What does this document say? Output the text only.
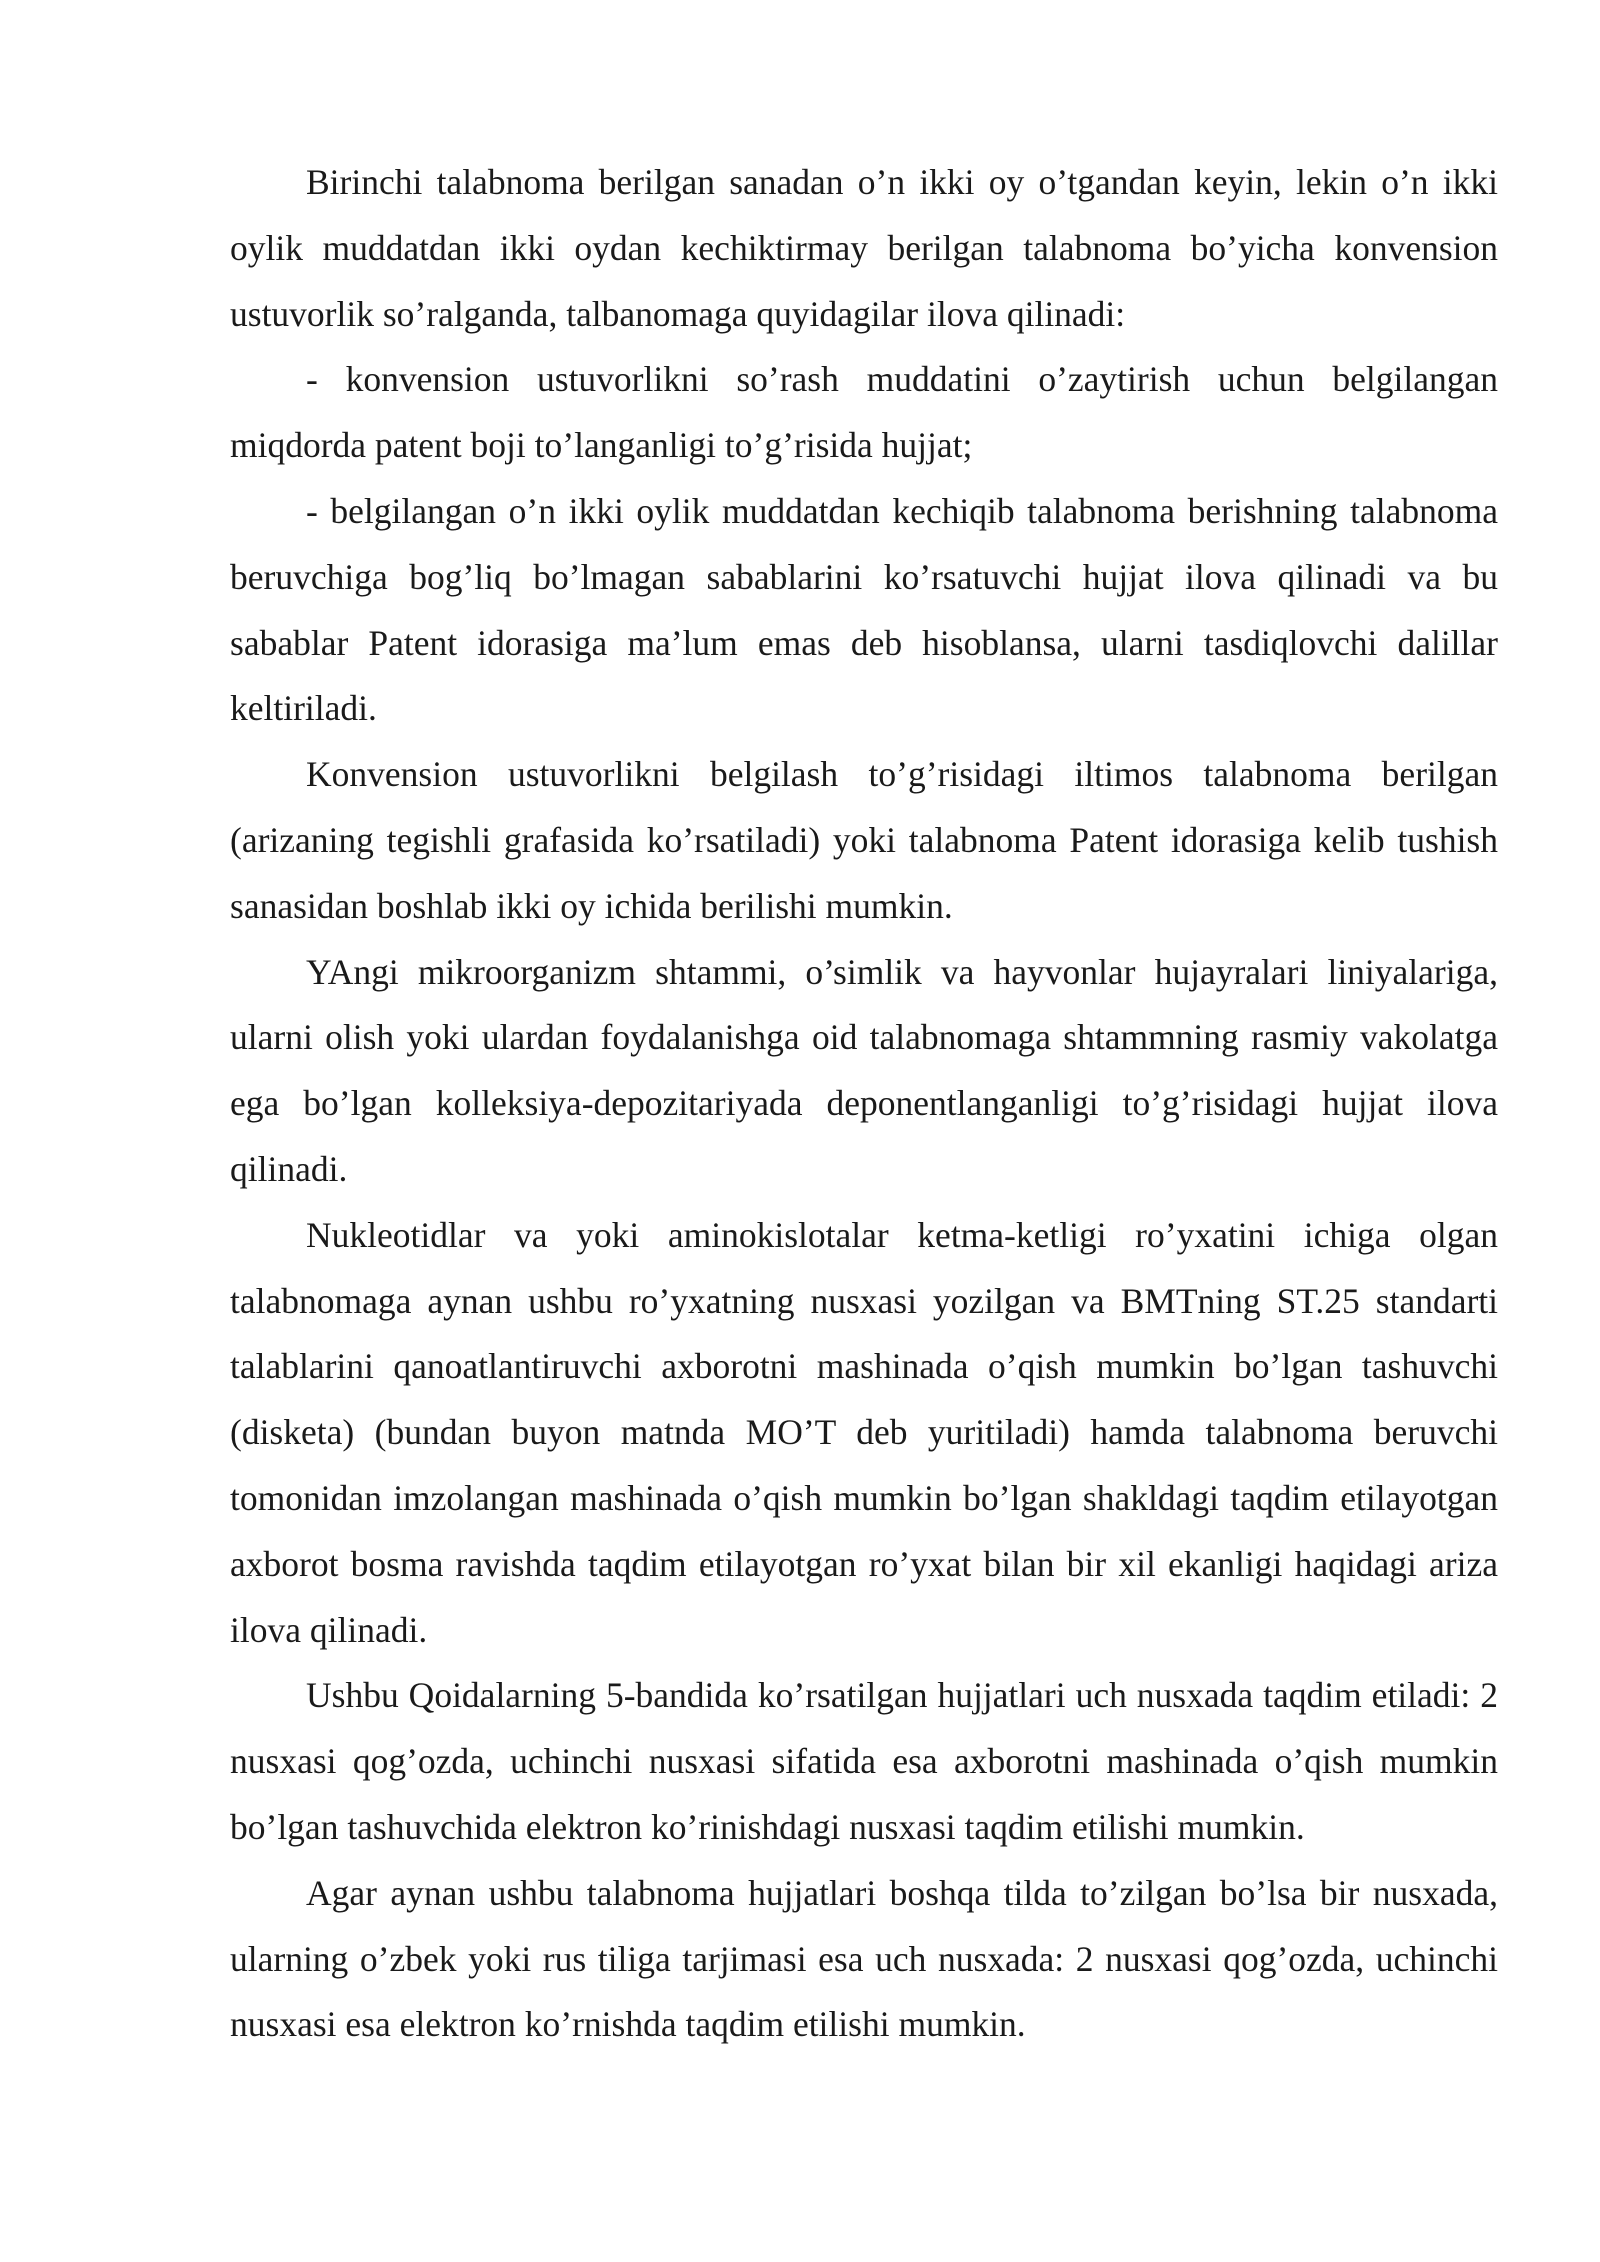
Birinchi talabnoma berilgan sanadan o’n ikki oy o’tgandan keyin, lekin o’n ikki oylik muddatdan ikki oydan kechiktirmay berilgan talabnoma bo’yicha konvension ustuvorlik so’ralganda, talbanomaga quyidagilar ilova qilinadi:

- konvension ustuvorlikni so’rash muddatini o’zaytirish uchun belgilangan miqdorda patent boji to’langanligi to’g’risida hujjat;

- belgilangan o’n ikki oylik muddatdan kechiqib talabnoma berishning talabnoma beruvchiga bog’liq bo’lmagan sabablarini ko’rsatuvchi hujjat ilova qilinadi va bu sabablar Patent idorasiga ma’lum emas deb hisoblansa, ularni tasdiqlovchi dalillar keltiriladi.

Konvension ustuvorlikni belgilash to’g’risidagi iltimos talabnoma berilgan (arizaning tegishli grafasida ko’rsatiladi) yoki talabnoma Patent idorasiga kelib tushish sanasidan boshlab ikki oy ichida berilishi mumkin.

YAngi mikroorganizm shtammi, o’simlik va hayvonlar hujayralari liniyalariga, ularni olish yoki ulardan foydalanishga oid talabnomaga shtammning rasmiy vakolatga ega bo’lgan kolleksiya-depozitariyada deponentlanganligi to’g’risidagi hujjat ilova qilinadi.

Nukleotidlar va yoki aminokislotalar ketma-ketligi ro’yxatini ichiga olgan talabnomaga aynan ushbu ro’yxatning nusxasi yozilgan va BMTning ST.25 standarti talablarini qanoatlantiruvchi axborotni mashinada o’qish mumkin bo’lgan tashuvchi (disketa) (bundan buyon matnda MO’T deb yuritiladi) hamda talabnoma beruvchi tomonidan imzolangan mashinada o’qish mumkin bo’lgan shakldagi taqdim etilayotgan axborot bosma ravishda taqdim etilayotgan ro’yxat bilan bir xil ekanligi haqidagi ariza ilova qilinadi.

Ushbu Qoidalarning 5-bandida ko’rsatilgan hujjatlari uch nusxada taqdim etiladi: 2 nusxasi qog’ozda, uchinchi nusxasi sifatida esa axborotni mashinada o’qish mumkin bo’lgan tashuvchida elektron ko’rinishdagi nusxasi taqdim etilishi mumkin.

Agar aynan ushbu talabnoma hujjatlari boshqa tilda to’zilgan bo’lsa bir nusxada, ularning o’zbek yoki rus tiliga tarjimasi esa uch nusxada: 2 nusxasi qog’ozda, uchinchi nusxasi esa elektron ko’rnishda taqdim etilishi mumkin.
